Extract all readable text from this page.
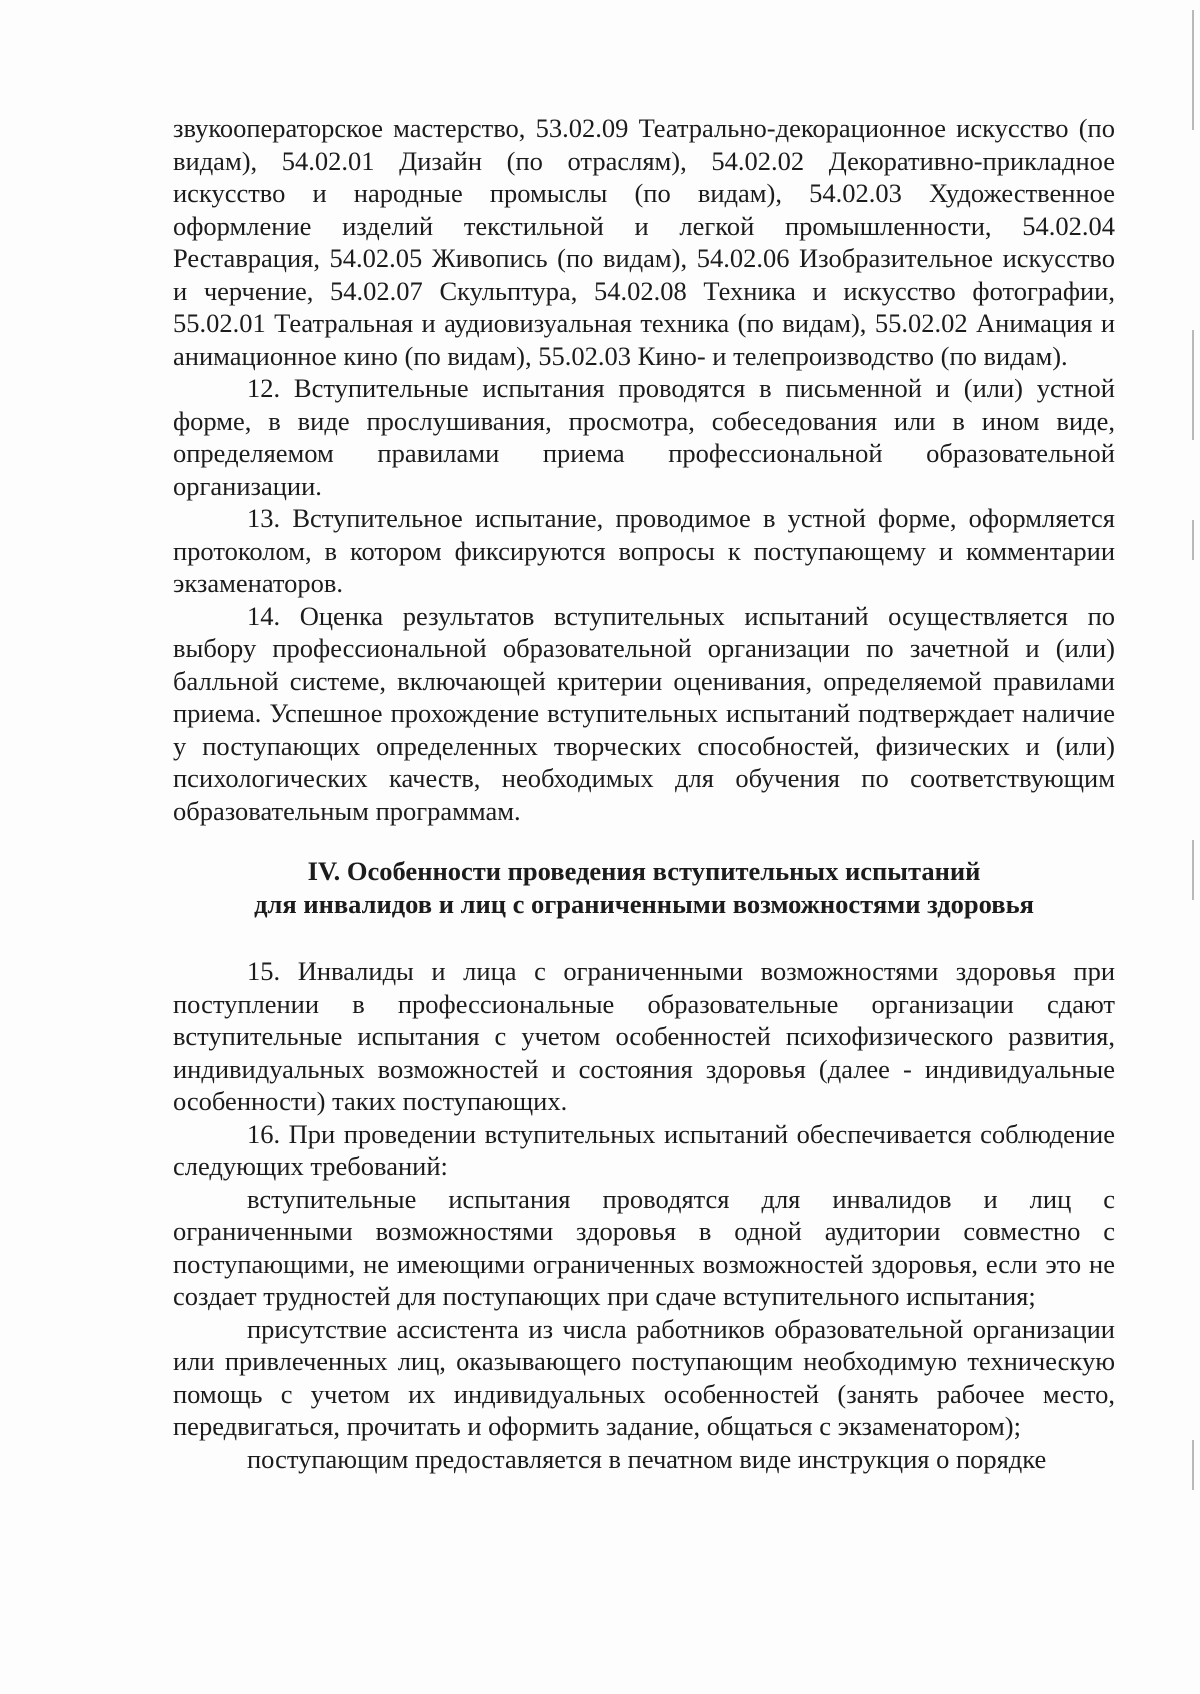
звукооператорское мастерство, 53.02.09 Театрально-декорационное искусство (по видам), 54.02.01 Дизайн (по отраслям), 54.02.02 Декоративно-прикладное искусство и народные промыслы (по видам), 54.02.03 Художественное оформление изделий текстильной и легкой промышленности, 54.02.04 Реставрация, 54.02.05 Живопись (по видам), 54.02.06 Изобразительное искусство и черчение, 54.02.07 Скульптура, 54.02.08 Техника и искусство фотографии, 55.02.01 Театральная и аудиовизуальная техника (по видам), 55.02.02 Анимация и анимационное кино (по видам), 55.02.03 Кино- и телепроизводство (по видам).

12. Вступительные испытания проводятся в письменной и (или) устной форме, в виде прослушивания, просмотра, собеседования или в ином виде, определяемом правилами приема профессиональной образовательной организации.

13. Вступительное испытание, проводимое в устной форме, оформляется протоколом, в котором фиксируются вопросы к поступающему и комментарии экзаменаторов.

14. Оценка результатов вступительных испытаний осуществляется по выбору профессиональной образовательной организации по зачетной и (или) балльной системе, включающей критерии оценивания, определяемой правилами приема. Успешное прохождение вступительных испытаний подтверждает наличие у поступающих определенных творческих способностей, физических и (или) психологических качеств, необходимых для обучения по соответствующим образовательным программам.

IV. Особенности проведения вступительных испытаний
для инвалидов и лиц с ограниченными возможностями здоровья

15. Инвалиды и лица с ограниченными возможностями здоровья при поступлении в профессиональные образовательные организации сдают вступительные испытания с учетом особенностей психофизического развития, индивидуальных возможностей и состояния здоровья (далее - индивидуальные особенности) таких поступающих.

16. При проведении вступительных испытаний обеспечивается соблюдение следующих требований:

вступительные испытания проводятся для инвалидов и лиц с ограниченными возможностями здоровья в одной аудитории совместно с поступающими, не имеющими ограниченных возможностей здоровья, если это не создает трудностей для поступающих при сдаче вступительного испытания;

присутствие ассистента из числа работников образовательной организации или привлеченных лиц, оказывающего поступающим необходимую техническую помощь с учетом их индивидуальных особенностей (занять рабочее место, передвигаться, прочитать и оформить задание, общаться с экзаменатором);

поступающим предоставляется в печатном виде инструкция о порядке
